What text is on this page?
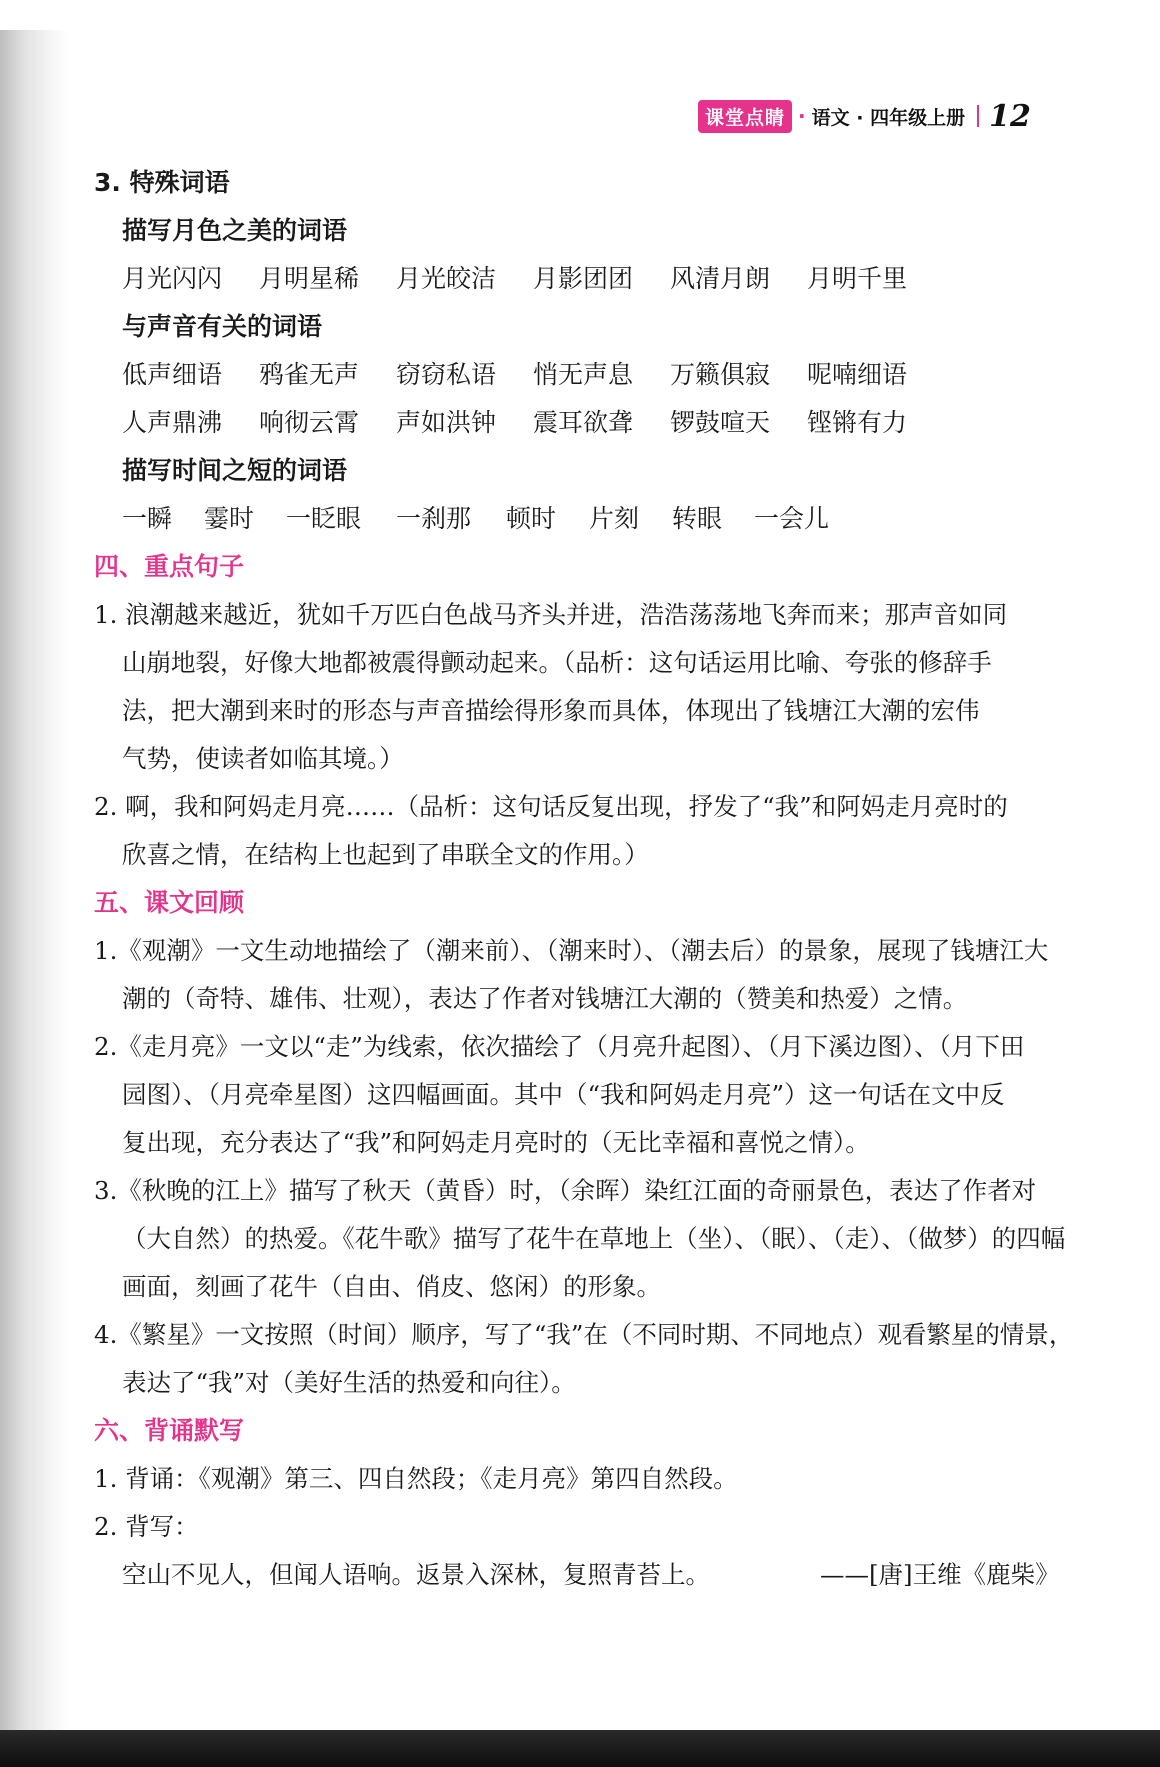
课堂点睛 · 语文 · 四年级上册 12
3. 特殊词语
描写月色之美的词语
月光闪闪	月明星稀	月光皎洁	月影团团	风清月朗	月明千里
与声音有关的词语
低声细语	鸦雀无声	窃窃私语	悄无声息	万籁俱寂	呢喃细语
人声鼎沸	响彻云霄	声如洪钟	震耳欲聋	锣鼓喧天	铿锵有力
描写时间之短的词语
一瞬	霎时	一眨眼	一刹那	顿时	片刻	转眼	一会儿
四、重点句子
1. 浪潮越来越近，犹如千万匹白色战马齐头并进，浩浩荡荡地飞奔而来；那声音如同
山崩地裂，好像大地都被震得颤动起来。（品析：这句话运用比喻、夸张的修辞手
法，把大潮到来时的形态与声音描绘得形象而具体，体现出了钱塘江大潮的宏伟
气势，使读者如临其境。）
2. 啊，我和阿妈走月亮……（品析：这句话反复出现，抒发了“我”和阿妈走月亮时的
欣喜之情，在结构上也起到了串联全文的作用。）
五、课文回顾
1.《观潮》一文生动地描绘了（潮来前）、（潮来时）、（潮去后）的景象，展现了钱塘江大
潮的（奇特、雄伟、壮观），表达了作者对钱塘江大潮的（赞美和热爱）之情。
2.《走月亮》一文以“走”为线索，依次描绘了（月亮升起图）、（月下溪边图）、（月下田
园图）、（月亮牵星图）这四幅画面。其中（“我和阿妈走月亮”）这一句话在文中反
复出现，充分表达了“我”和阿妈走月亮时的（无比幸福和喜悦之情）。
3.《秋晚的江上》描写了秋天（黄昏）时，（余晖）染红江面的奇丽景色，表达了作者对
（大自然）的热爱。《花牛歌》描写了花牛在草地上（坐）、（眠）、（走）、（做梦）的四幅
画面，刻画了花牛（自由、俏皮、悠闲）的形象。
4.《繁星》一文按照（时间）顺序，写了“我”在（不同时期、不同地点）观看繁星的情景，
表达了“我”对（美好生活的热爱和向往）。
六、背诵默写
1. 背诵：《观潮》第三、四自然段；《走月亮》第四自然段。
2. 背写：
空山不见人，但闻人语响。返景入深林，复照青苔上。	——[唐]王维《鹿柴》
